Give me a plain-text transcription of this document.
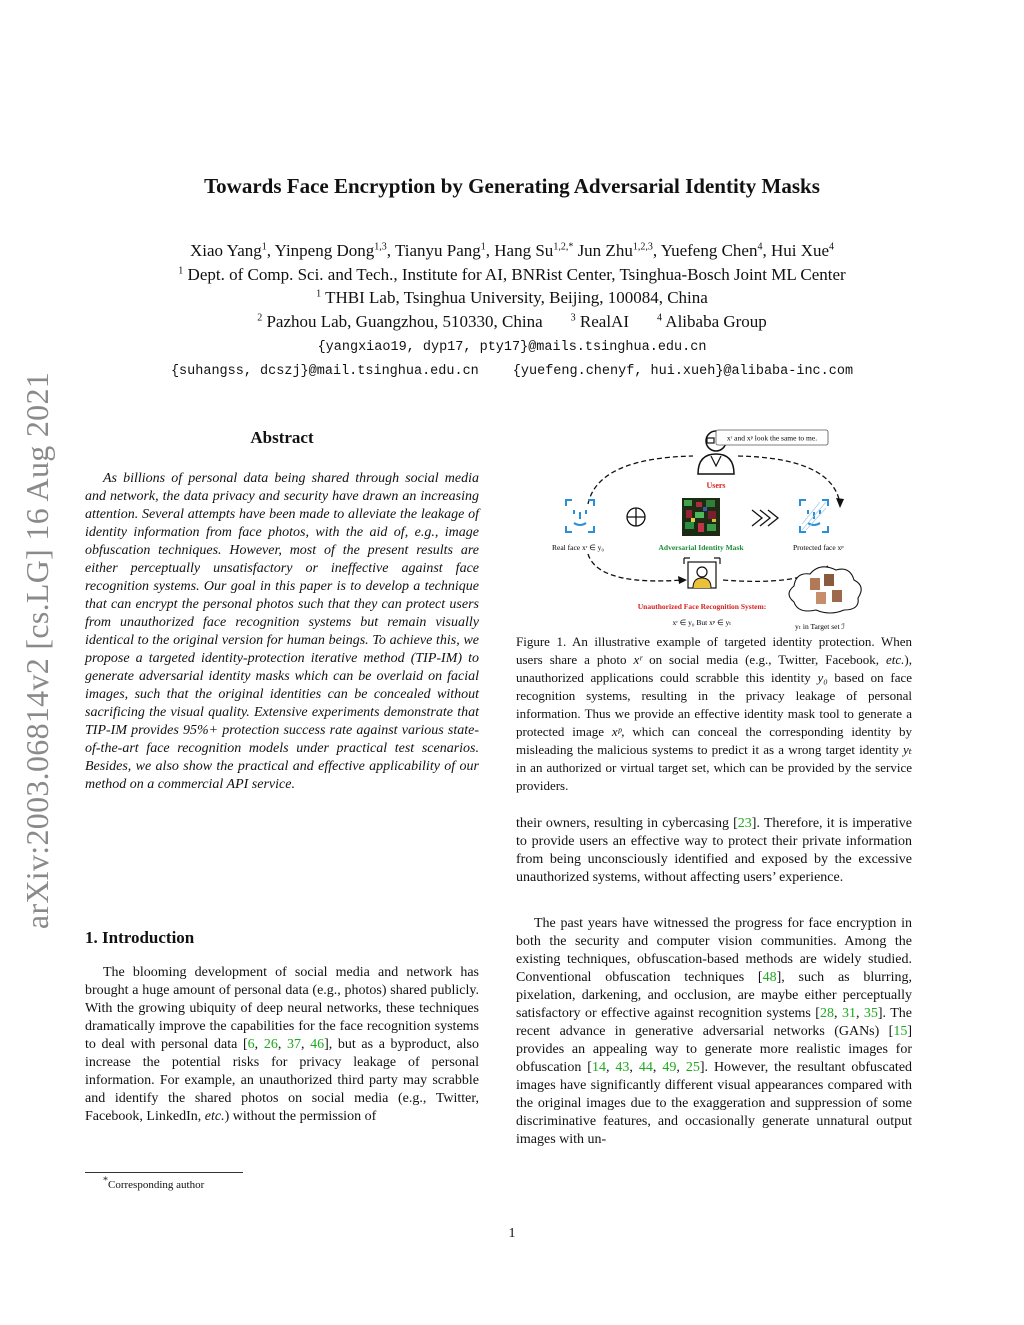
arXiv:2003.06814v2 [cs.LG] 16 Aug 2021
Towards Face Encryption by Generating Adversarial Identity Masks
Xiao Yang$^1$, Yinpeng Dong$^{1,3}$, Tianyu Pang$^1$, Hang $Su^{1,2,*}$ Jun Zhu$^{1,2,3}$, Yuefeng Chen$^4$, Hui Xue$^4$
$^1$ Dept. of Comp. Sci. and Tech., Institute for AI, BNRist Center, Tsinghua-Bosch Joint ML Center
$^1$ THBI Lab, Tsinghua University, Beijing, 100084, China
$^2$ Pazhou Lab, Guangzhou, 510330, China	$^3$ RealAI	$^4$ Alibaba Group
{yangxiao19, dyp17, pty17}@mails.tsinghua.edu.cn
{suhangss, dcszj}@mail.tsinghua.edu.cn	{yuefeng.chenyf, hui.xueh}@alibaba-inc.com
Abstract
As billions of personal data being shared through social media and network, the data privacy and security have drawn an increasing attention. Several attempts have been made to alleviate the leakage of identity information from face photos, with the aid of, e.g., image obfuscation techniques. However, most of the present results are either perceptually unsatisfactory or ineffective against face recognition systems. Our goal in this paper is to develop a technique that can encrypt the personal photos such that they can protect users from unauthorized face recognition systems but remain visually identical to the original version for human beings. To achieve this, we propose a targeted identity-protection iterative method (TIP-IM) to generate adversarial identity masks which can be overlaid on facial images, such that the original identities can be concealed without sacrificing the visual quality. Extensive experiments demonstrate that TIP-IM provides 95%+ protection success rate against various state-of-the-art face recognition models under practical test scenarios. Besides, we also show the practical and effective applicability of our method on a commercial API service.
1. Introduction
The blooming development of social media and network has brought a huge amount of personal data (e.g., photos) shared publicly. With the growing ubiquity of deep neural networks, these techniques dramatically improve the capabilities for the face recognition systems to deal with personal data [6, 26, 37, 46], but as a byproduct, also increase the potential risks for privacy leakage of personal information. For example, an unauthorized third party may scrabble and identify the shared photos on social media (e.g., Twitter, Facebook, LinkedIn, etc.) without the permission of
*Corresponding author
xʳ and xᵖ look the same to me.
Users
Real face xʳ ∈ y₀	Adversarial Identity Mask	Protected face xᵖ
Unauthorized Face Recognition System:
xʳ ∈ y₀ But xᵖ ∈ yₜ	yₜ in Target set ℐ
Figure 1. An illustrative example of targeted identity protection. When users share a photo xʳ on social media (e.g., Twitter, Facebook, etc.), unauthorized applications could scrabble this identity y₀ based on face recognition systems, resulting in the privacy leakage of personal information. Thus we provide an effective identity mask tool to generate a protected image xᵖ, which can conceal the corresponding identity by misleading the malicious systems to predict it as a wrong target identity yₜ in an authorized or virtual target set, which can be provided by the service providers.
their owners, resulting in cybercasing [23]. Therefore, it is imperative to provide users an effective way to protect their private information from being unconsciously identified and exposed by the excessive unauthorized systems, without affecting users’ experience.
The past years have witnessed the progress for face encryption in both the security and computer vision communities. Among the existing techniques, obfuscation-based methods are widely studied. Conventional obfuscation techniques [48], such as blurring, pixelation, darkening, and occlusion, are maybe either perceptually satisfactory or effective against recognition systems [28, 31, 35]. The recent advance in generative adversarial networks (GANs) [15] provides an appealing way to generate more realistic images for obfuscation [14, 43, 44, 49, 25]. However, the resultant obfuscated images have significantly different visual appearances compared with the original images due to the exaggeration and suppression of some discriminative features, and occasionally generate unnatural output images with un-
1
